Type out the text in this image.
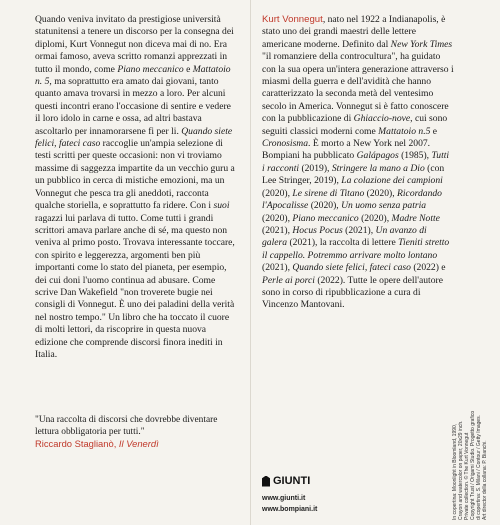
Quando veniva invitato da prestigiose università statunitensi a tenere un discorso per la consegna dei diplomi, Kurt Vonnegut non diceva mai di no. Era ormai famoso, aveva scritto romanzi apprezzati in tutto il mondo, come Piano meccanico e Mattatoio n. 5, ma soprattutto era amato dai giovani, tanto quanto amava trovarsi in mezzo a loro. Per alcuni questi incontri erano l'occasione di sentire e vedere il loro idolo in carne e ossa, ad altri bastava ascoltarlo per innamorarsene fi per li. Quando siete felici, fateci caso raccoglie un'ampia selezione di testi scritti per queste occasioni: non vi troviamo massime di saggezza impartite da un vecchio guru a un pubblico in cerca di mistiche emozioni, ma un Vonnegut che pesca tra gli aneddoti, racconta qualche storiella, e soprattutto fa ridere. Con i suoi ragazzi lui parlava di tutto. Come tutti i grandi scrittori amava parlare anche di sé, ma questo non veniva al primo posto. Trovava interessante toccare, con spirito e leggerezza, argomenti ben più importanti come lo stato del pianeta, per esempio, dei cui doni l'uomo continua ad abusare. Come scrive Dan Wakefield "non troverete bugie nei consigli di Vonnegut. È uno dei paladini della verità nel nostro tempo." Un libro che ha toccato il cuore di molti lettori, da riscoprire in questa nuova edizione che comprende discorsi finora inediti in Italia.

Kurt Vonnegut, nato nel 1922 a Indianapolis, è stato uno dei grandi maestri delle lettere americane moderne. Definito dal New York Times "il romanziere della controcultura", ha guidato con la sua opera un'intera generazione attraverso i miasmi della guerra e dell'avidità che hanno caratterizzato la seconda metà del ventesimo secolo in America. Vonnegut si è fatto conoscere con la pubblicazione di Ghiaccio-nove, cui sono seguiti classici moderni come Mattatoio n.5 e Cronosisma. È morto a New York nel 2007. Bompiani ha pubblicato Galápagos (1985), Tutti i racconti (2019), Stringere la mano a Dio (con Lee Stringer, 2019), La colazione dei campioni (2020), Le sirene di Titano (2020), Ricordando l'Apocalisse (2020), Un uomo senza patria (2020), Piano meccanico (2020), Madre Notte (2021), Hocus Pocus (2021), Un avanzo di galera (2021), la raccolta di lettere Tieniti stretto il cappello. Potremmo arrivare molto lontano (2021), Quando siete felici, fateci caso (2022) e Perle ai porci (2022). Tutte le opere dell'autore sono in corso di ripubblicazione a cura di Vincenzo Mantovani.

"Una raccolta di discorsi che dovrebbe diventare lettura obbligatoria per tutti."
Riccardo Staglianò, Il Venerdì	In copertina: Moonlight in Bloomland, 1990, Crayon and watercolor on paper, 20x29 inch. Private collection. © The Kurt Vonnegut Copyright Trust / Origami Studio. Progetto grafico di copertina: S. Milani / Contour / Getty Images. Art director della collana: P. Bianchi.
GIUNTI
www.giunti.it
www.bompiani.it
